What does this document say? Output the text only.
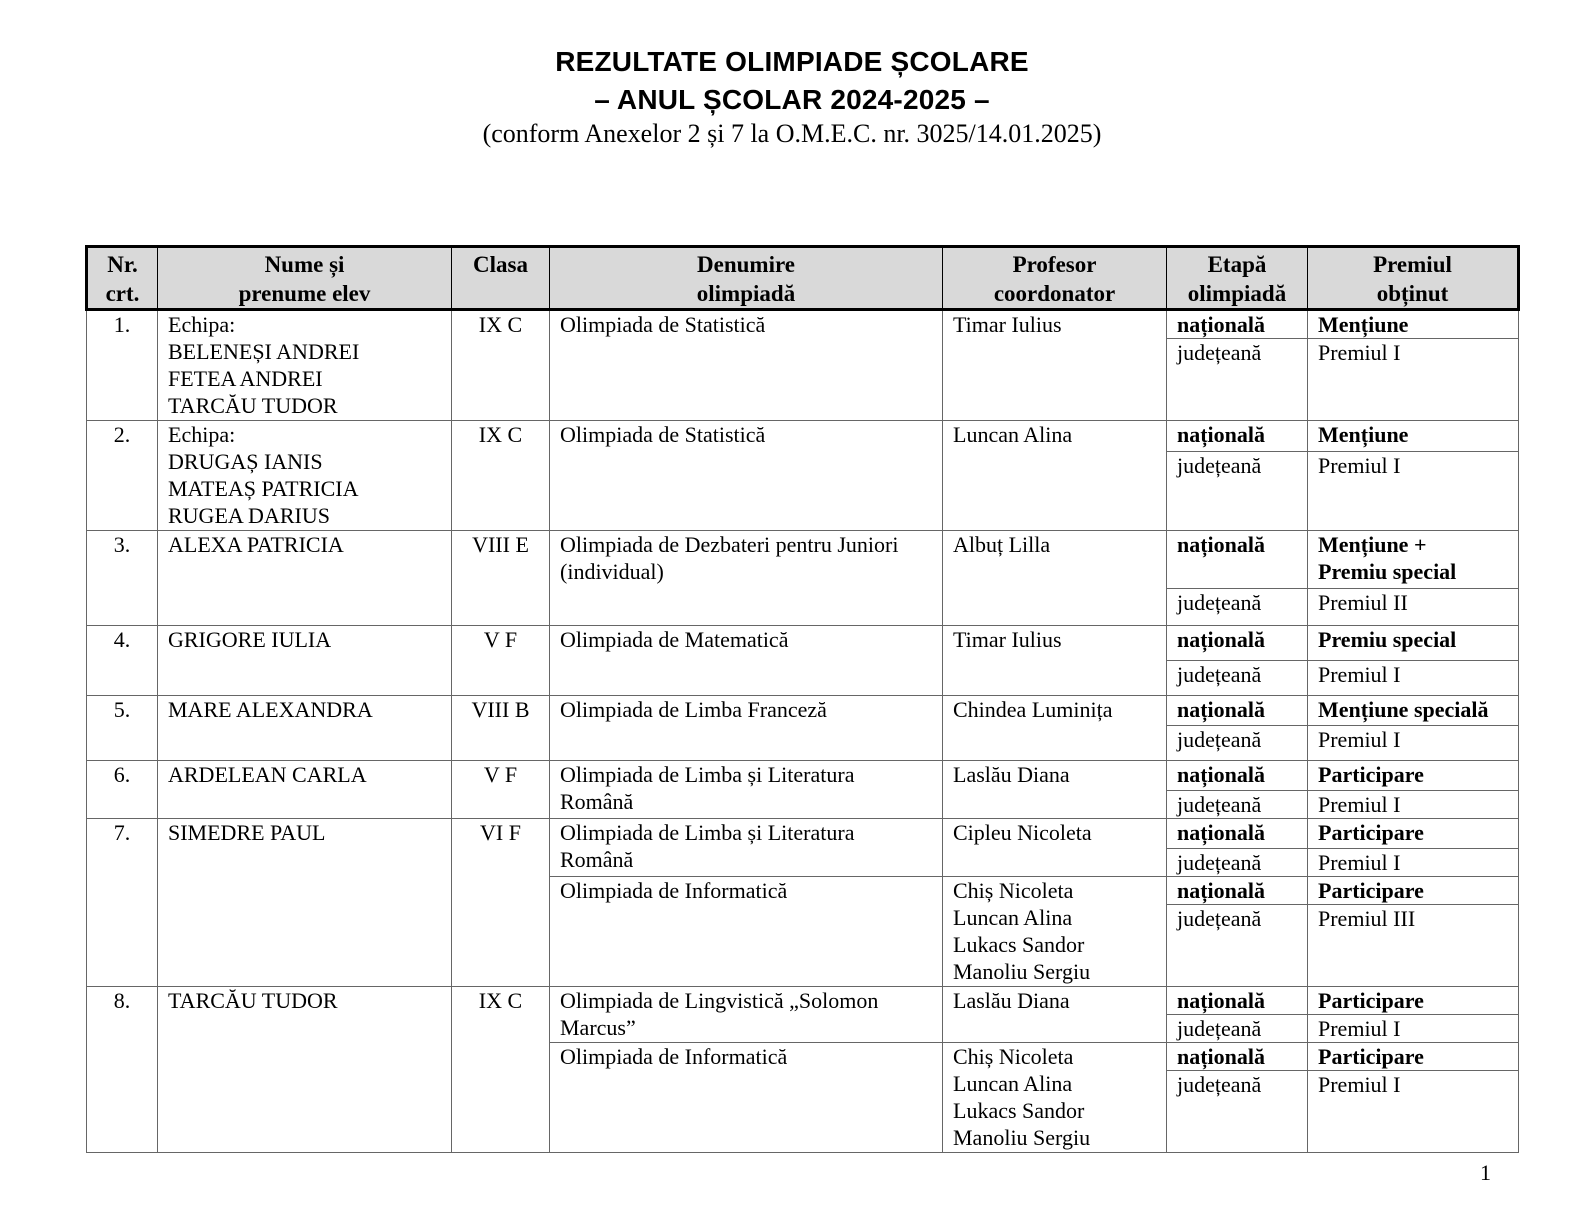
REZULTATE OLIMPIADE ȘCOLARE
– ANUL ȘCOLAR 2024-2025 –
(conform Anexelor 2 și 7 la O.M.E.C. nr. 3025/14.01.2025)
Nr.
crt.	Nume și
prenume elev	Clasa	Denumire
olimpiadă	Profesor
coordonator	Etapă
olimpiadă	Premiul
obținut

1.	Echipa:
BELENEȘI ANDREI
FETEA ANDREI
TARCĂU TUDOR	IX C	Olimpiada de Statistică	Timar Iulius	națională	Mențiune

					județeană	Premiul I

2.	Echipa:
DRUGAȘ IANIS
MATEAȘ PATRICIA
RUGEA DARIUS	IX C	Olimpiada de Statistică	Luncan Alina	națională	Mențiune

					județeană	Premiul I

3.	ALEXA PATRICIA	VIII E	Olimpiada de Dezbateri pentru Juniori
(individual)	Albuț Lilla	națională	Mențiune +
Premiu special

					județeană	Premiul II

4.	GRIGORE IULIA	V F	Olimpiada de Matematică	Timar Iulius	națională	Premiu special

					județeană	Premiul I

5.	MARE ALEXANDRA	VIII B	Olimpiada de Limba Franceză	Chindea Luminița	națională	Mențiune specială

					județeană	Premiul I

6.	ARDELEAN CARLA	V F	Olimpiada de Limba și Literatura
Română	Laslău Diana	națională	Participare

					județeană	Premiul I

7.	SIMEDRE PAUL	VI F	Olimpiada de Limba și Literatura
Română	Cipleu Nicoleta	națională	Participare

					județeană	Premiul I

			Olimpiada de Informatică	Chiș Nicoleta
Luncan Alina
Lukacs Sandor
Manoliu Sergiu	națională	Participare

					județeană	Premiul III

8.	TARCĂU TUDOR	IX C	Olimpiada de Lingvistică „Solomon
Marcus”	Laslău Diana	națională	Participare

					județeană	Premiul I

			Olimpiada de Informatică	Chiș Nicoleta
Luncan Alina
Lukacs Sandor
Manoliu Sergiu	națională	Participare

					județeană	Premiul I
1
